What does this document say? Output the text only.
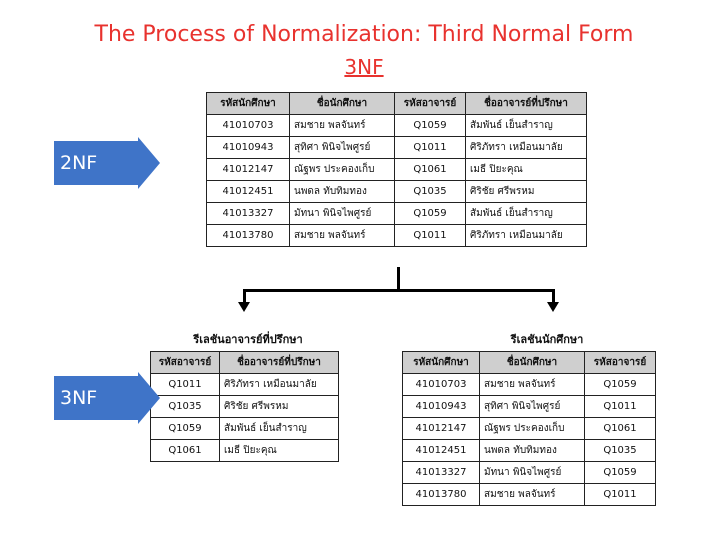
The Process of Normalization: Third Normal Form
3NF
รหัสนักศึกษา	ชื่อนักศึกษา	รหัสอาจารย์	ชื่ออาจารย์ที่ปรึกษา
41010703	สมชาย พลจันทร์	Q1059	สัมพันธ์ เย็นสำราญ
41010943	สุทิศา พินิจไพศูรย์	Q1011	ศิริภัทรา เหมือนมาลัย
41012147	ณัฐพร ประคองเก็บ	Q1061	เมธี ปิยะคุณ
41012451	นพดล ทับทิมทอง	Q1035	ศิริชัย ศรีพรหม
41013327	มัทนา พินิจไพศูรย์	Q1059	สัมพันธ์ เย็นสำราญ
41013780	สมชาย พลจันทร์	Q1011	ศิริภัทรา เหมือนมาลัย
2NF
รีเลชันอาจารย์ที่ปรึกษา	รีเลชันนักศึกษา
รหัสอาจารย์	ชื่ออาจารย์ที่ปรึกษา
Q1011	ศิริภัทรา เหมือนมาลัย
Q1035	ศิริชัย ศรีพรหม
Q1059	สัมพันธ์ เย็นสำราญ
Q1061	เมธี ปิยะคุณ
รหัสนักศึกษา	ชื่อนักศึกษา	รหัสอาจารย์
41010703	สมชาย พลจันทร์	Q1059
41010943	สุทิศา พินิจไพศูรย์	Q1011
41012147	ณัฐพร ประคองเก็บ	Q1061
41012451	นพดล ทับทิมทอง	Q1035
41013327	มัทนา พินิจไพศูรย์	Q1059
41013780	สมชาย พลจันทร์	Q1011
3NF
